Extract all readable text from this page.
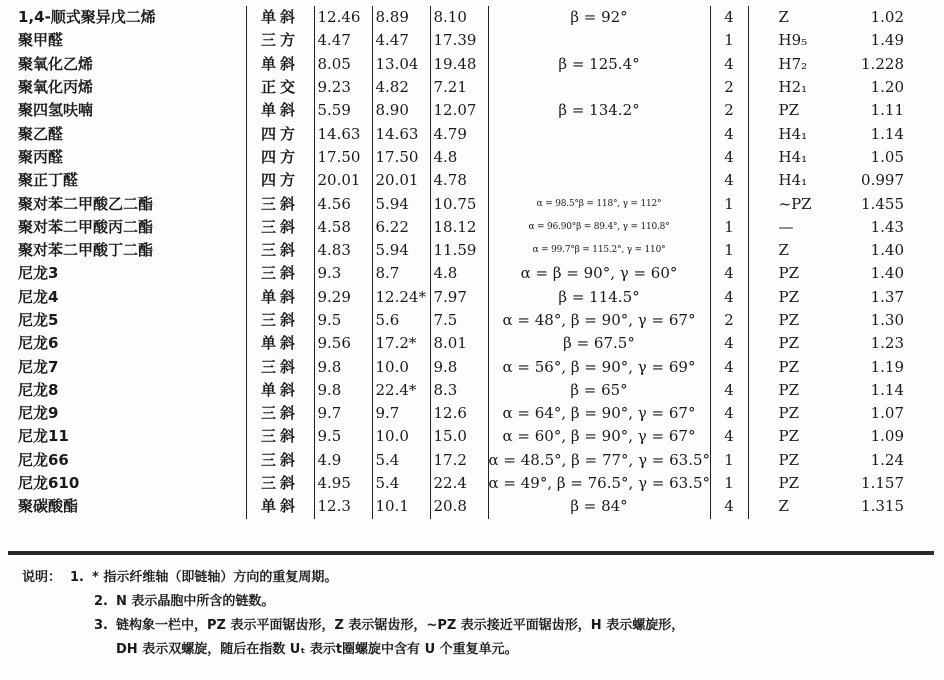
1,4-顺式聚异戊二烯	单斜	12.46	8.89	8.10	β = 92°	4	Z	1.02
聚甲醛	三方	4.47	4.47	17.39		1	H9₅	1.49
聚氧化乙烯	单斜	8.05	13.04	19.48	β = 125.4°	4	H7₂	1.228
聚氧化丙烯	正交	9.23	4.82	7.21		2	H2₁	1.20
聚四氢呋喃	单斜	5.59	8.90	12.07	β = 134.2°	2	PZ	1.11
聚乙醛	四方	14.63	14.63	4.79		4	H4₁	1.14
聚丙醛	四方	17.50	17.50	4.8		4	H4₁	1.05
聚正丁醛	四方	20.01	20.01	4.78		4	H4₁	0.997
聚对苯二甲酸乙二酯	三斜	4.56	5.94	10.75	α = 98.5°β = 118°, γ = 112°	1	~PZ	1.455
聚对苯二甲酸丙二酯	三斜	4.58	6.22	18.12	α = 96.90°β = 89.4°, γ = 110.8°	1	—	1.43
聚对苯二甲酸丁二酯	三斜	4.83	5.94	11.59	α = 99.7°β = 115.2°, γ = 110°	1	Z	1.40
尼龙3	三斜	9.3	8.7	4.8	α = β = 90°, γ = 60°	4	PZ	1.40
尼龙4	单斜	9.29	12.24*	7.97	β = 114.5°	4	PZ	1.37
尼龙5	三斜	9.5	5.6	7.5	α = 48°, β = 90°, γ = 67°	2	PZ	1.30
尼龙6	单斜	9.56	17.2*	8.01	β = 67.5°	4	PZ	1.23
尼龙7	三斜	9.8	10.0	9.8	α = 56°, β = 90°, γ = 69°	4	PZ	1.19
尼龙8	单斜	9.8	22.4*	8.3	β = 65°	4	PZ	1.14
尼龙9	三斜	9.7	9.7	12.6	α = 64°, β = 90°, γ = 67°	4	PZ	1.07
尼龙11	三斜	9.5	10.0	15.0	α = 60°, β = 90°, γ = 67°	4	PZ	1.09
尼龙66	三斜	4.9	5.4	17.2	α = 48.5°, β = 77°, γ = 63.5°	1	PZ	1.24
尼龙610	三斜	4.95	5.4	22.4	α = 49°, β = 76.5°, γ = 63.5°	1	PZ	1.157
聚碳酸酯	单斜	12.3	10.1	20.8	β = 84°	4	Z	1.315
说明： 1. * 指示纤维轴（即链轴）方向的重复周期。
2. N 表示晶胞中所含的链数。
3. 链构象一栏中，PZ 表示平面锯齿形，Z 表示锯齿形，~PZ 表示接近平面锯齿形，H 表示螺旋形，
DH 表示双螺旋，随后在指数 Uₜ 表示t圈螺旋中含有 U 个重复单元。
